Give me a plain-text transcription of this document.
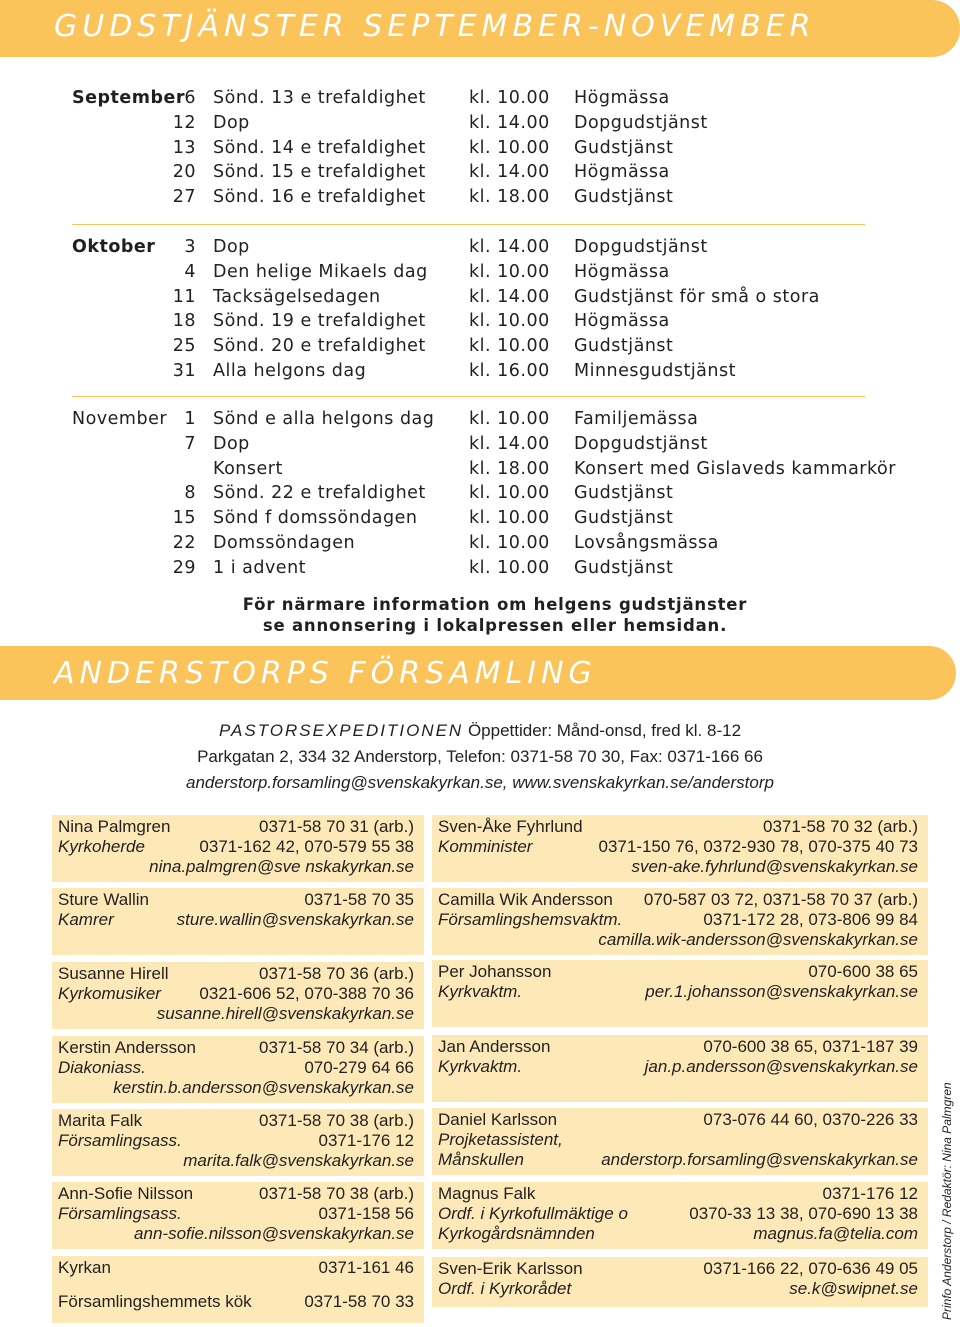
GUDSTJÄNSTER SEPTEMBER-NOVEMBER
September 6 Sönd. 13 e trefaldighet kl. 10.00 Högmässa
12 Dop	kl. 14.00 Dopgudstjänst
13 Sönd. 14 e trefaldighet kl. 10.00 Gudstjänst
20 Sönd. 15 e trefaldighet kl. 14.00 Högmässa
27 Sönd. 16 e trefaldighet kl. 18.00 Gudstjänst
Oktober	3 Dop	kl. 14.00 Dopgudstjänst
4 Den helige Mikaels dag kl. 10.00 Högmässa
11 Tacksägelsedagen	kl. 14.00 Gudstjänst för små o stora
18 Sönd. 19 e trefaldighet kl. 10.00 Högmässa
25 Sönd. 20 e trefaldighet kl. 10.00 Gudstjänst
31 Alla helgons dag	kl. 16.00 Minnesgudstjänst
November 1 Sönd e alla helgons dag kl. 10.00 Familjemässa
7 Dop	kl. 14.00 Dopgudstjänst
Konsert	kl. 18.00 Konsert med Gislaveds kammarkör
8 Sönd. 22 e trefaldighet kl. 10.00 Gudstjänst
15 Sönd f domssöndagen	kl. 10.00 Gudstjänst
22 Domssöndagen	kl. 10.00 Lovsångsmässa
29 1 i advent	kl. 10.00 Gudstjänst
För närmare information om helgens gudstjänster
se annonsering i lokalpressen eller hemsidan.
ANDERSTORPS FÖRSAMLING
PASTORSEXPEDITIONEN Öppettider: Månd-onsd, fred kl. 8-12
Parkgatan 2, 334 32 Anderstorp, Telefon: 0371-58 70 30, Fax: 0371-166 66
anderstorp.forsamling@svenskakyrkan.se, www.svenskakyrkan.se/anderstorp
Nina Palmgren	0371-58 70 31 (arb.)
Kyrkoherde	0371-162 42, 070-579 55 38
nina.palmgren@sve nskakyrkan.se
Sture Wallin	0371-58 70 35
Kamrer	sture.wallin@svenskakyrkan.se
Susanne Hirell	0371-58 70 36 (arb.)
Kyrkomusiker 0321-606 52, 070-388 70 36
susanne.hirell@svenskakyrkan.se
Kerstin Andersson	0371-58 70 34 (arb.)
Diakoniass.	070-279 64 66
kerstin.b.andersson@svenskakyrkan.se
Marita Falk	0371-58 70 38 (arb.)
Församlingsass.	0371-176 12
marita.falk@svenskakyrkan.se
Ann-Sofie Nilsson	0371-58 70 38 (arb.)
Församlingsass.	0371-158 56
ann-sofie.nilsson@svenskakyrkan.se
Kyrkan	0371-161 46
Församlingshemmets kök	0371-58 70 33
Sven-Åke Fyhrlund	0371-58 70 32 (arb.)
Komminister	0371-150 76, 0372-930 78, 070-375 40 73
sven-ake.fyhrlund@svenskakyrkan.se
Camilla Wik Andersson 070-587 03 72, 0371-58 70 37 (arb.)
Församlingshemsvaktm.	0371-172 28, 073-806 99 84
camilla.wik-andersson@svenskakyrkan.se
Per Johansson	070-600 38 65
Kyrkvaktm.	per.1.johansson@svenskakyrkan.se
Jan Andersson	070-600 38 65, 0371-187 39
Kyrkvaktm.	jan.p.andersson@svenskakyrkan.se
Daniel Karlsson	073-076 44 60, 0370-226 33
Projketassistent,
Månskullen	anderstorp.forsamling@svenskakyrkan.se
Magnus Falk	0371-176 12
Ordf. i Kyrkofullmäktige o	0370-33 13 38, 070-690 13 38
Kyrkogårdsnämnden	magnus.fa@telia.com
Sven-Erik Karlsson	0371-166 22, 070-636 49 05
Ordf. i Kyrkorådet	se.k@swipnet.se Prinfo Anderstorp / Redaktör: Nina Palmgren
